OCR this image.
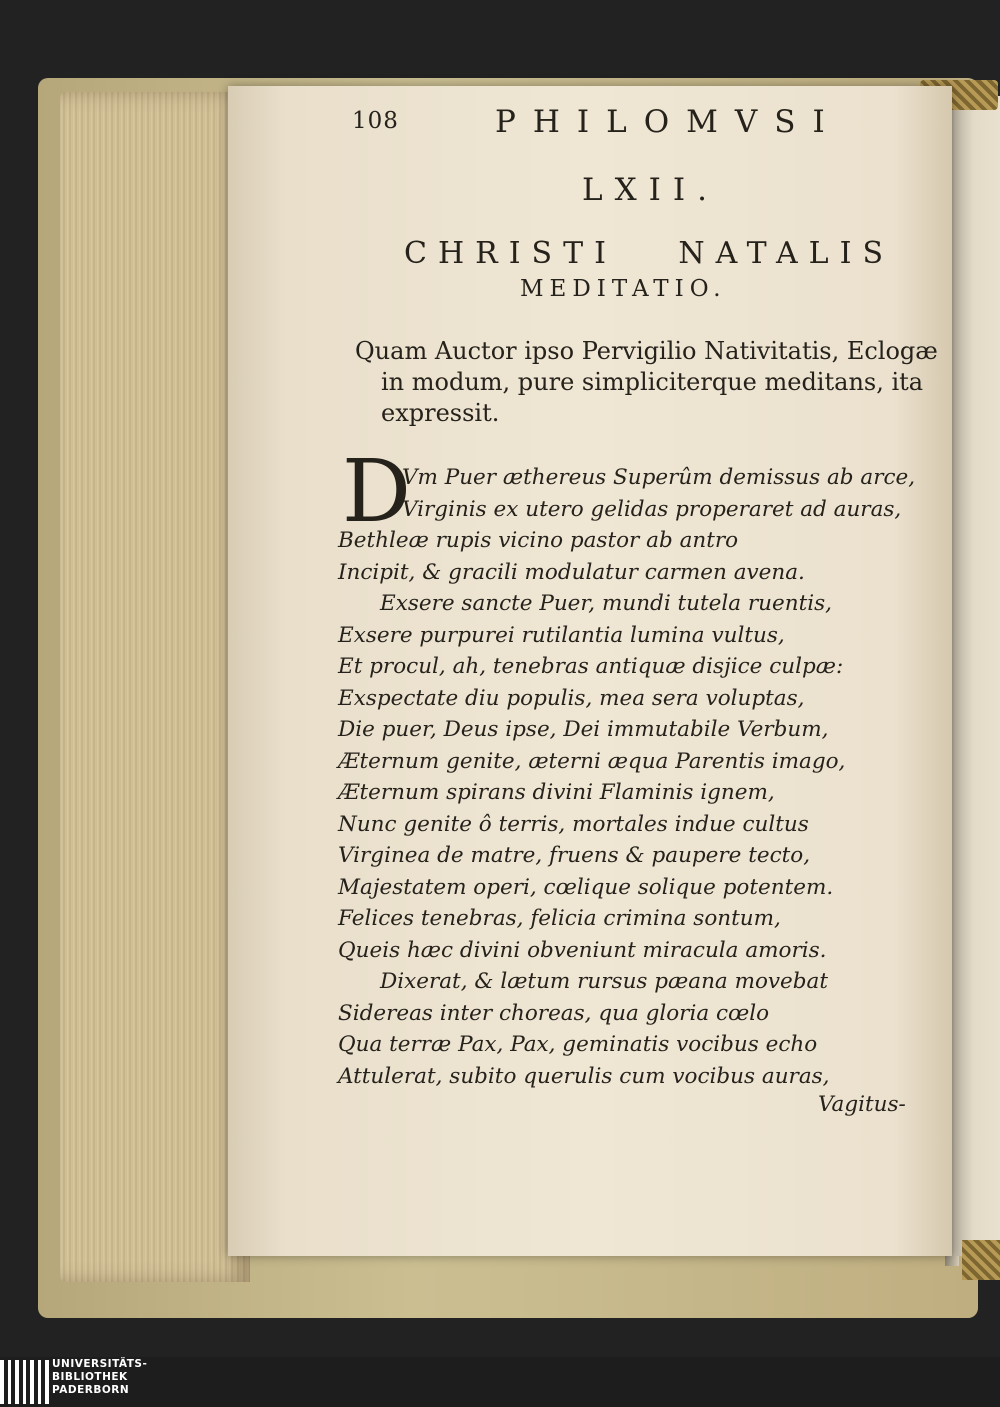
108	PHILOMVSI
LXII.
CHRISTI NATALIS
MEDITATIO.
Quam Auctor ipso Pervigilio Nativitatis, Eclogæ
in modum, pure simpliciterque meditans, ita
expressit.
D
Vm Puer æthereus Superûm demissus ab arce,
Virginis ex utero gelidas properaret ad auras,
Bethleæ rupis vicino pastor ab antro
Incipit, & gracili modulatur carmen avena.
Exsere sancte Puer, mundi tutela ruentis,
Exsere purpurei rutilantia lumina vultus,
Et procul, ah, tenebras antiquæ disjice culpæ:
Exspectate diu populis, mea sera voluptas,
Die puer, Deus ipse, Dei immutabile Verbum,
Æternum genite, æterni æqua Parentis imago,
Æternum spirans divini Flaminis ignem,
Nunc genite ô terris, mortales indue cultus
Virginea de matre, fruens & paupere tecto,
Majestatem operi, cœlique solique potentem.
Felices tenebras, felicia crimina sontum,
Queis hæc divini obveniunt miracula amoris.
Dixerat, & lætum rursus pæana movebat
Sidereas inter choreas, qua gloria cœlo
Qua terræ Pax, Pax, geminatis vocibus echo
Attulerat, subito querulis cum vocibus auras,
Vagitus-
UNIVERSITÄTS-
BIBLIOTHEK
PADERBORN
